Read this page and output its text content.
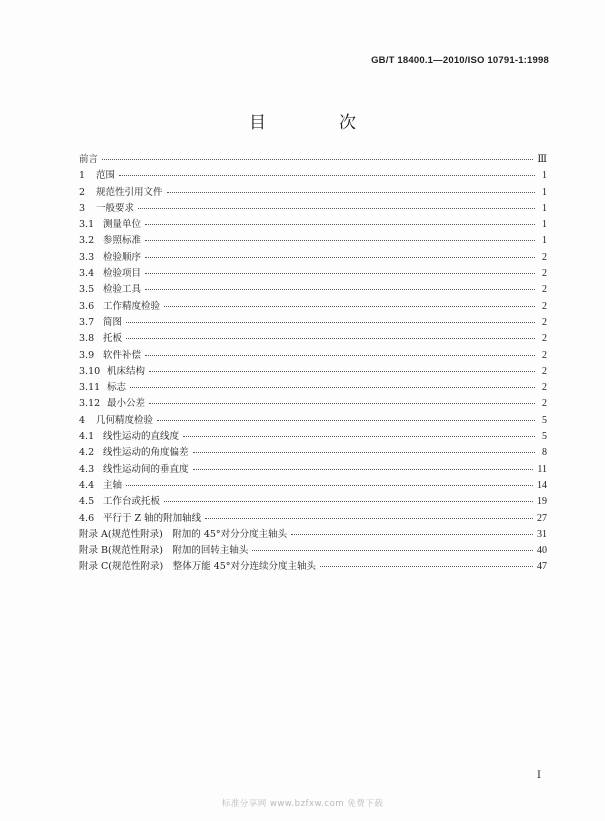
GB/T 18400.1—2010/ISO 10791-1:1998
目　次
前言	Ⅲ
1	范围	1
2	规范性引用文件	1
3	一般要求	1
3.1 测量单位	1
3.2 参照标准	1
3.3 检验顺序	2
3.4 检验项目	2
3.5 检验工具	2
3.6 工作精度检验	2
3.7 简图	2
3.8 托板	2
3.9 软件补偿	2
3.10 机床结构	2
3.11 标志	2
3.12 最小公差	2
4	几何精度检验	5
4.1 线性运动的直线度	5
4.2 线性运动的角度偏差	8
4.3 线性运动间的垂直度	11
4.4 主轴	14
4.5 工作台或托板	19
4.6 平行于 Z 轴的附加轴线	27
附录 A(规范性附录)　附加的 45°对分分度主轴头	31
附录 B(规范性附录)　附加的回转主轴头	40
附录 C(规范性附录)　整体万能 45°对分连续分度主轴头	47
Ⅰ
标准分享网 www.bzfxw.com 免费下载
